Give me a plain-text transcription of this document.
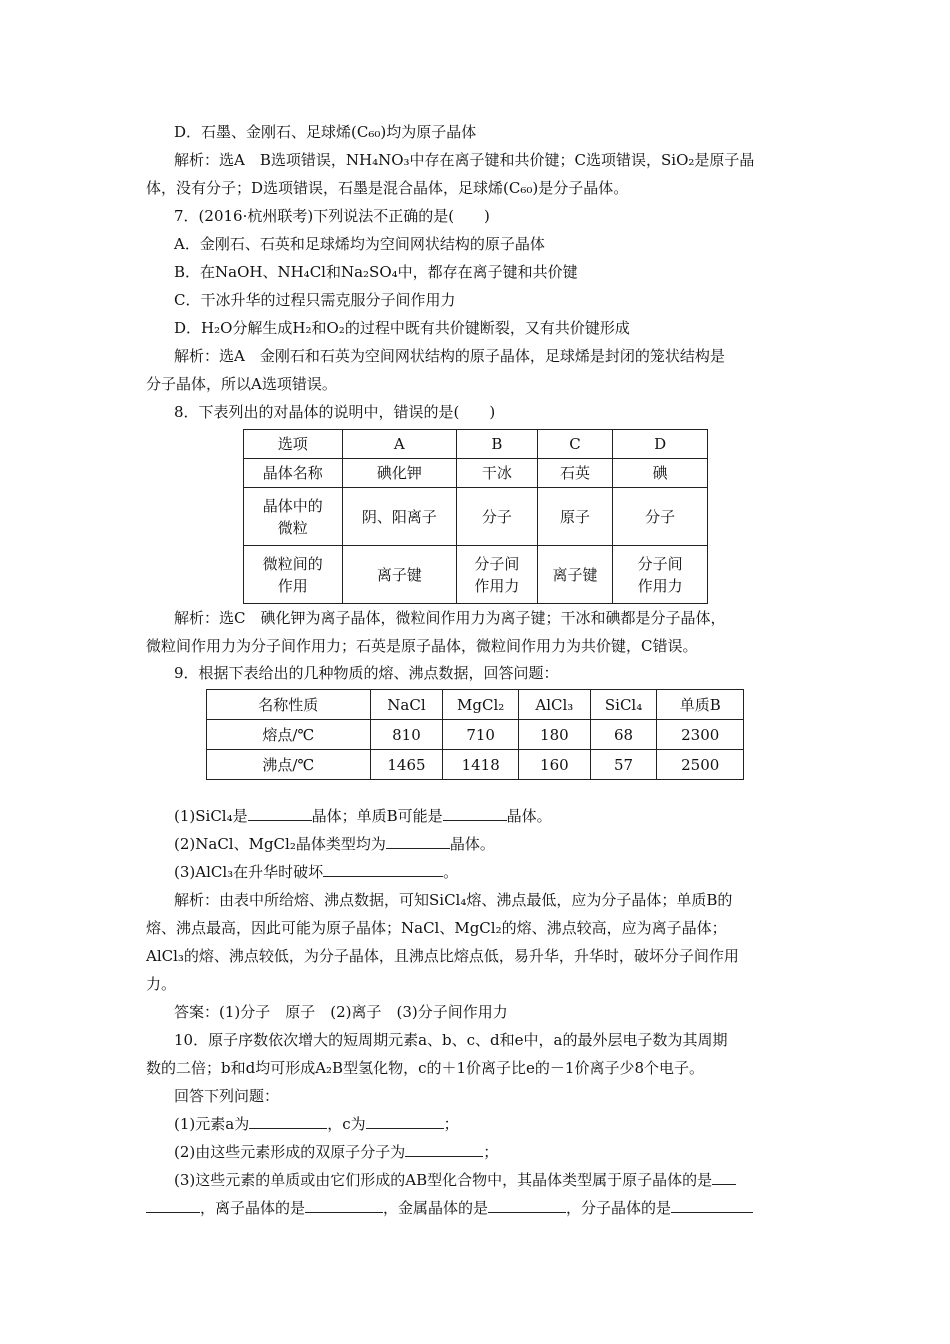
D．石墨、金刚石、足球烯(C₆₀)均为原子晶体
解析：选A　B选项错误，NH₄NO₃中存在离子键和共价键；C选项错误，SiO₂是原子晶
体，没有分子；D选项错误，石墨是混合晶体，足球烯(C₆₀)是分子晶体。
7．(2016·杭州联考)下列说法不正确的是(　　)
A．金刚石、石英和足球烯均为空间网状结构的原子晶体
B．在NaOH、NH₄Cl和Na₂SO₄中，都存在离子键和共价键
C．干冰升华的过程只需克服分子间作用力
D．H₂O分解生成H₂和O₂的过程中既有共价键断裂，又有共价键形成
解析：选A　金刚石和石英为空间网状结构的原子晶体，足球烯是封闭的笼状结构是
分子晶体，所以A选项错误。
8．下表列出的对晶体的说明中，错误的是(　　)
选项	A	B	C	D
晶体名称	碘化钾	干冰	石英	碘
晶体中的微粒	阴、阳离子	分子	原子	分子
微粒间的作用	离子键	分子间作用力	离子键	分子间作用力
解析：选C　碘化钾为离子晶体，微粒间作用力为离子键；干冰和碘都是分子晶体，
微粒间作用力为分子间作用力；石英是原子晶体，微粒间作用力为共价键，C错误。
9．根据下表给出的几种物质的熔、沸点数据，回答问题：
名称性质	NaCl	MgCl₂	AlCl₃	SiCl₄	单质B
熔点/℃	810	710	180	68	2300
沸点/℃	1465	1418	160	57	2500
(1)SiCl₄是	晶体；单质B可能是	晶体。
(2)NaCl、MgCl₂晶体类型均为	晶体。
(3)AlCl₃在升华时破坏	。
解析：由表中所给熔、沸点数据，可知SiCl₄熔、沸点最低，应为分子晶体；单质B的
熔、沸点最高，因此可能为原子晶体；NaCl、MgCl₂的熔、沸点较高，应为离子晶体；
AlCl₃的熔、沸点较低，为分子晶体，且沸点比熔点低，易升华，升华时，破坏分子间作用
力。
答案：(1)分子　原子　(2)离子　(3)分子间作用力
10．原子序数依次增大的短周期元素a、b、c、d和e中，a的最外层电子数为其周期
数的二倍；b和d均可形成A₂B型氢化物，c的＋1价离子比e的－1价离子少8个电子。
回答下列问题：
(1)元素a为	，c为	；
(2)由这些元素形成的双原子分子为	；
(3)这些元素的单质或由它们形成的AB型化合物中，其晶体类型属于原子晶体的是
，离子晶体的是	，金属晶体的是	，分子晶体的是
